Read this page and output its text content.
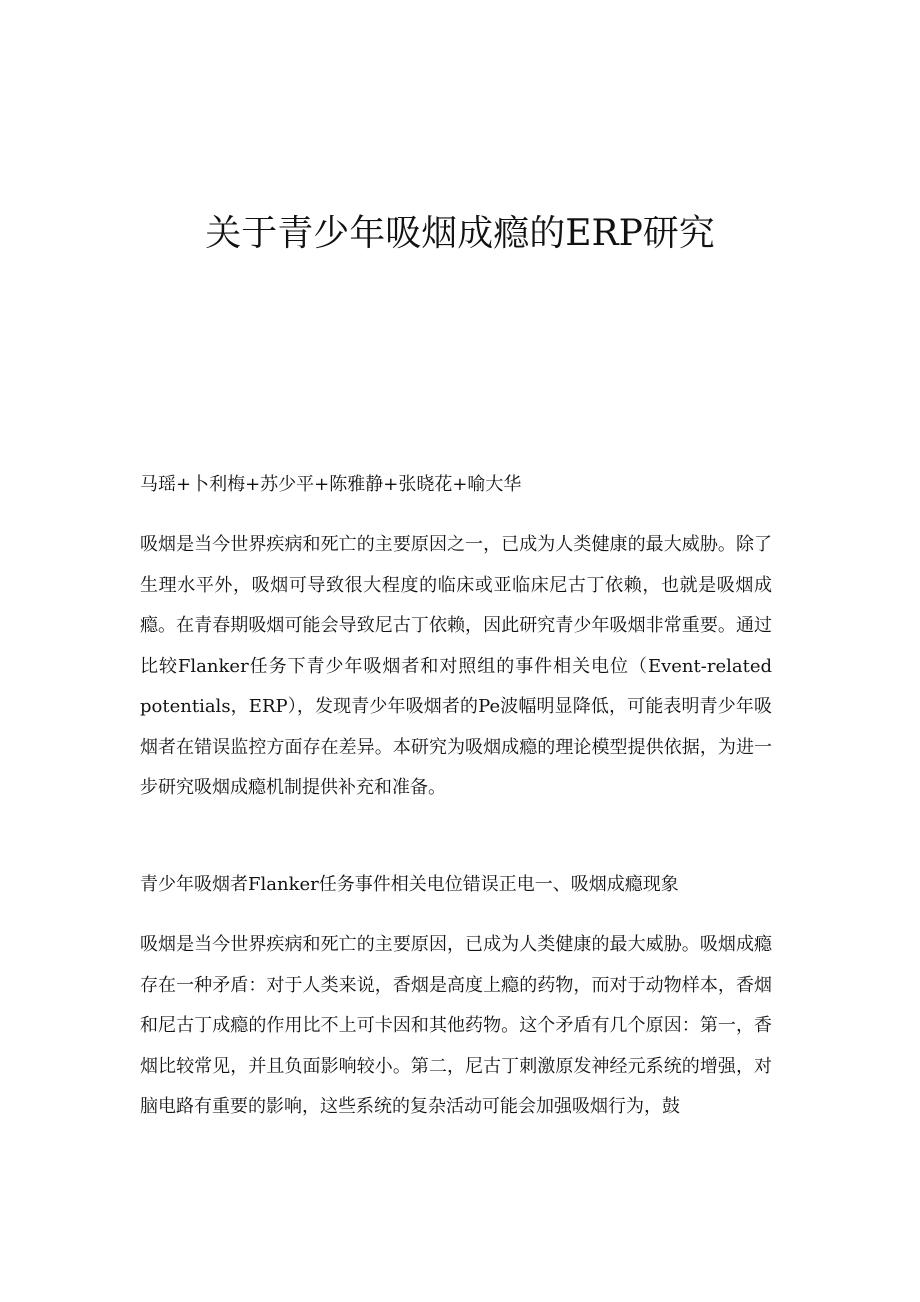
关于青少年吸烟成瘾的ERP研究

马瑶+卜利梅+苏少平+陈雅静+张晓花+喻大华

吸烟是当今世界疾病和死亡的主要原因之一，已成为人类健康的最大威胁。除了生理水平外，吸烟可导致很大程度的临床或亚临床尼古丁依赖，也就是吸烟成瘾。在青春期吸烟可能会导致尼古丁依赖，因此研究青少年吸烟非常重要。通过比较Flanker任务下青少年吸烟者和对照组的事件相关电位（Event-related potentials，ERP），发现青少年吸烟者的Pe波幅明显降低，可能表明青少年吸烟者在错误监控方面存在差异。本研究为吸烟成瘾的理论模型提供依据，为进一步研究吸烟成瘾机制提供补充和准备。

青少年吸烟者Flanker任务事件相关电位错误正电一、吸烟成瘾现象

吸烟是当今世界疾病和死亡的主要原因，已成为人类健康的最大威胁。吸烟成瘾存在一种矛盾：对于人类来说，香烟是高度上瘾的药物，而对于动物样本，香烟和尼古丁成瘾的作用比不上可卡因和其他药物。这个矛盾有几个原因：第一，香烟比较常见，并且负面影响较小。第二，尼古丁刺激原发神经元系统的增强，对脑电路有重要的影响，这些系统的复杂活动可能会加强吸烟行为，鼓
